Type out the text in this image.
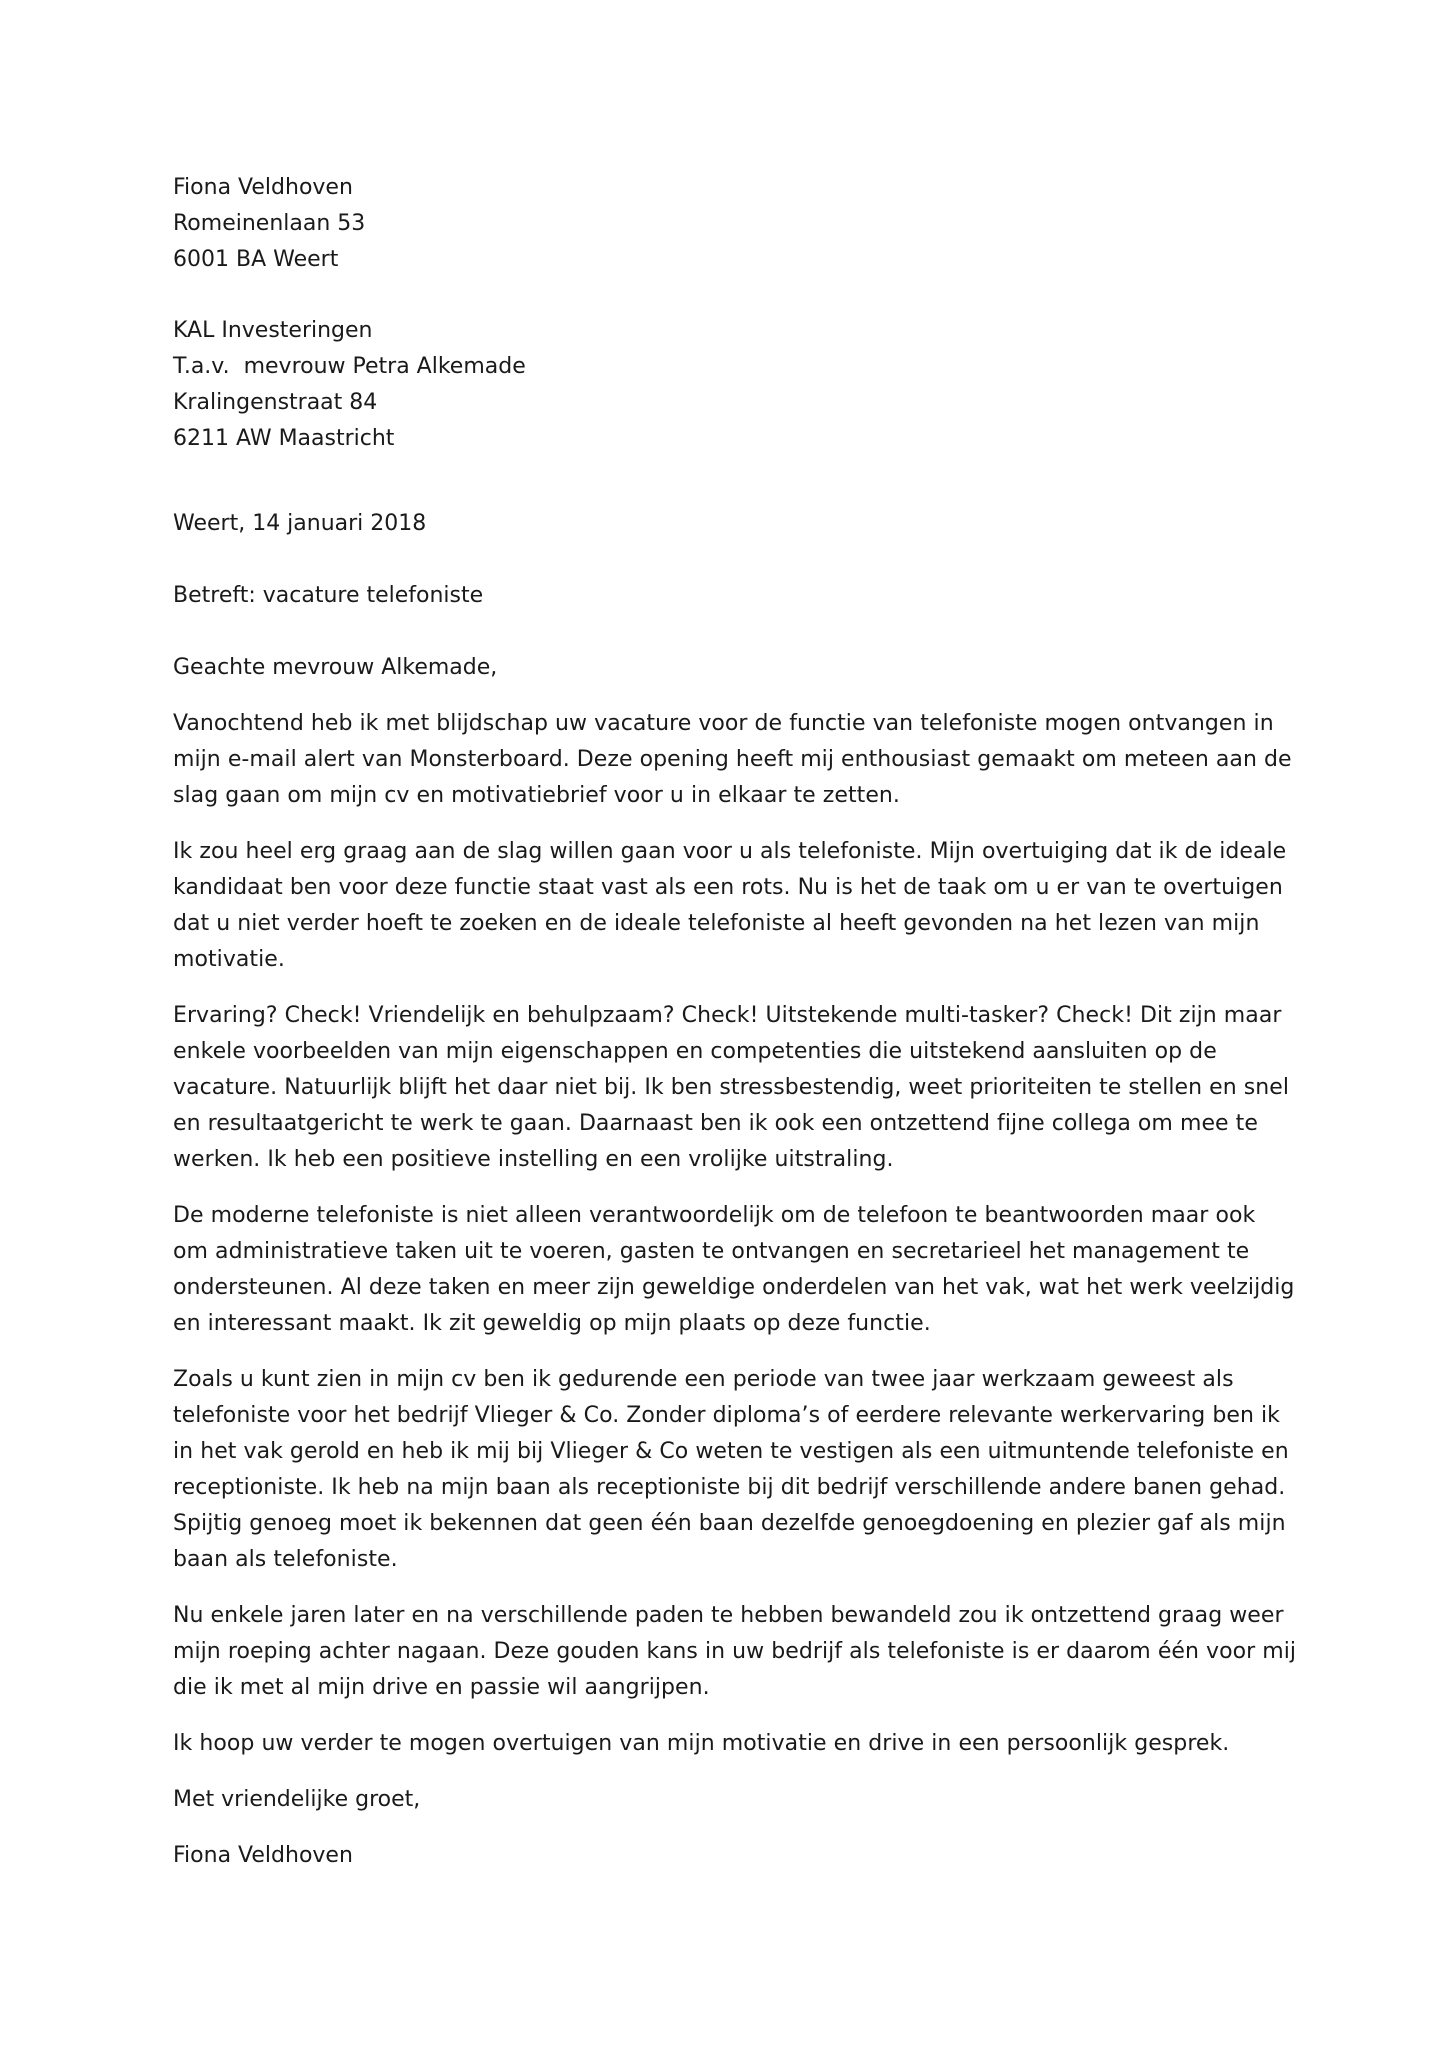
Fiona Veldhoven
Romeinenlaan 53
6001 BA Weert
KAL Investeringen
T.a.v.  mevrouw Petra Alkemade
Kralingenstraat 84
6211 AW Maastricht
Weert, 14 januari 2018
Betreft: vacature telefoniste
Geachte mevrouw Alkemade,
Vanochtend heb ik met blijdschap uw vacature voor de functie van telefoniste mogen ontvangen in
mijn e-mail alert van Monsterboard. Deze opening heeft mij enthousiast gemaakt om meteen aan de
slag gaan om mijn cv en motivatiebrief voor u in elkaar te zetten.
Ik zou heel erg graag aan de slag willen gaan voor u als telefoniste. Mijn overtuiging dat ik de ideale
kandidaat ben voor deze functie staat vast als een rots. Nu is het de taak om u er van te overtuigen
dat u niet verder hoeft te zoeken en de ideale telefoniste al heeft gevonden na het lezen van mijn
motivatie.
Ervaring? Check! Vriendelijk en behulpzaam? Check! Uitstekende multi-tasker? Check! Dit zijn maar
enkele voorbeelden van mijn eigenschappen en competenties die uitstekend aansluiten op de
vacature. Natuurlijk blijft het daar niet bij. Ik ben stressbestendig, weet prioriteiten te stellen en snel
en resultaatgericht te werk te gaan. Daarnaast ben ik ook een ontzettend fijne collega om mee te
werken. Ik heb een positieve instelling en een vrolijke uitstraling.
De moderne telefoniste is niet alleen verantwoordelijk om de telefoon te beantwoorden maar ook
om administratieve taken uit te voeren, gasten te ontvangen en secretarieel het management te
ondersteunen. Al deze taken en meer zijn geweldige onderdelen van het vak, wat het werk veelzijdig
en interessant maakt. Ik zit geweldig op mijn plaats op deze functie.
Zoals u kunt zien in mijn cv ben ik gedurende een periode van twee jaar werkzaam geweest als
telefoniste voor het bedrijf Vlieger & Co. Zonder diploma’s of eerdere relevante werkervaring ben ik
in het vak gerold en heb ik mij bij Vlieger & Co weten te vestigen als een uitmuntende telefoniste en
receptioniste. Ik heb na mijn baan als receptioniste bij dit bedrijf verschillende andere banen gehad.
Spijtig genoeg moet ik bekennen dat geen één baan dezelfde genoegdoening en plezier gaf als mijn
baan als telefoniste.
Nu enkele jaren later en na verschillende paden te hebben bewandeld zou ik ontzettend graag weer
mijn roeping achter nagaan. Deze gouden kans in uw bedrijf als telefoniste is er daarom één voor mij
die ik met al mijn drive en passie wil aangrijpen.
Ik hoop uw verder te mogen overtuigen van mijn motivatie en drive in een persoonlijk gesprek.
Met vriendelijke groet,
Fiona Veldhoven
